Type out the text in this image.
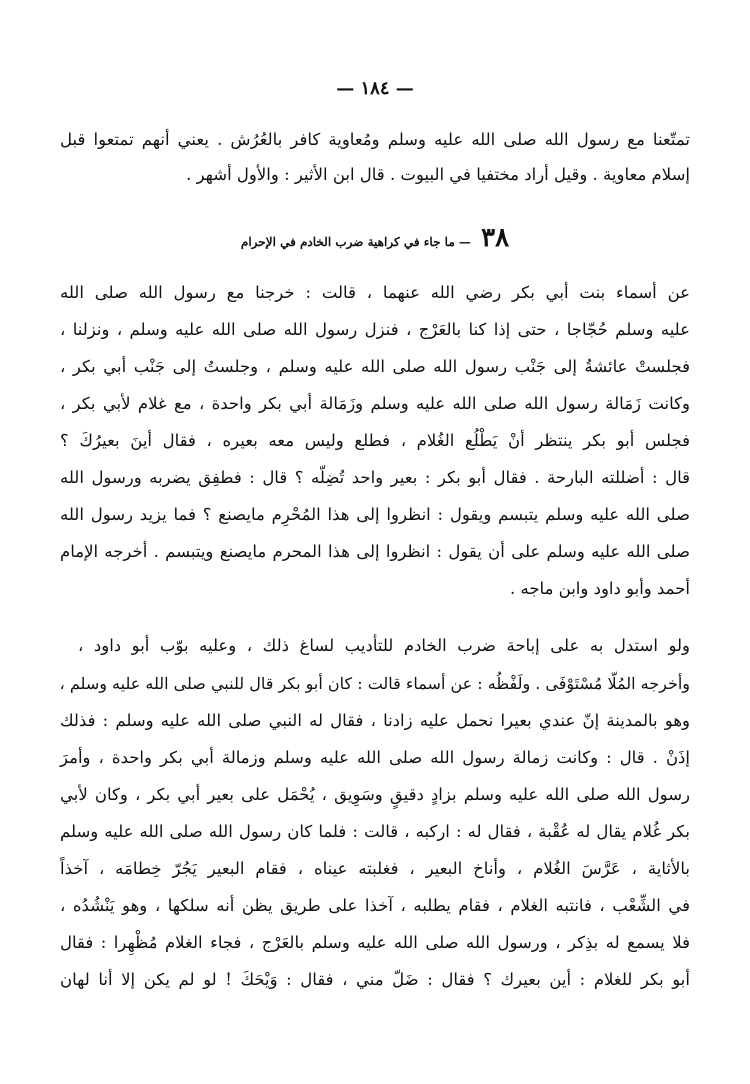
— ١٨٤ —
تمتّعنا مع رسول الله صلى الله عليه وسلم ومُعاوية كافر بالعُرُش . يعني أنهم تمتعوا قبل
إسلام معاوية . وقيل أراد مختفيا في البيوت . قال ابن الأثير : والأول أشهر .
٣٨ — ما جاء في كراهية ضرب الخادم في الإحرام
عن أسماء بنت أبي بكر رضي الله عنهما ، قالت : خرجنا مع رسول الله صلى الله
عليه وسلم حُجّاجا ، حتى إذا كنا بالعَرْج ، فنزل رسول الله صلى الله عليه وسلم ، ونزلنا ،
فجلستْ عائشةُ إلى جَنْب رسول الله صلى الله عليه وسلم ، وجلستُ إلى جَنْب أبي بكر ،
وكانت زَمَالة رسول الله صلى الله عليه وسلم وزَمَالة أبي بكر واحدة ، مع غلام لأبي بكر ،
فجلس أبو بكر ينتظر أنْ يَطْلُع الغُلام ، فطلع وليس معه بعيره ، فقال أينَ بعيرُكَ ؟
قال : أضللته البارحة . فقال أبو بكر : بعير واحد تُضِلّه ؟ قال : فطفِق يضربه ورسول الله
صلى الله عليه وسلم يتبسم ويقول : انظروا إلى هذا المُحْرِم مايصنع ؟ فما يزيد رسول الله
صلى الله عليه وسلم على أن يقول : انظروا إلى هذا المحرم مايصنع ويتبسم . أخرجه الإمام
أحمد وأبو داود وابن ماجه .
ولو استدل به على إباحة ضرب الخادم للتأديب لساغ ذلك ، وعليه بوّب أبو داود ،
وأخرجه المُلّا مُسْتَوْفَى . ولَفْظُه : عن أسماء قالت : كان أبو بكر قال للنبي صلى الله عليه وسلم ،
وهو بالمدينة إنّ عندي بعيرا نحمل عليه زادنا ، فقال له النبي صلى الله عليه وسلم : فذلك
إذَنْ . قال : وكانت زمالة رسول الله صلى الله عليه وسلم وزمالة أبي بكر واحدة ، وأمرَ
رسول الله صلى الله عليه وسلم بزادٍ دقيقٍ وسَوِيق ، يُحْمَل على بعير أبي بكر ، وكان لأبي
بكر غُلام يقال له عُقْبة ، فقال له : اركبه ، قالت : فلما كان رسول الله صلى الله عليه وسلم
بالأثاية ، عَرَّسَ الغُلام ، وأناخ البعير ، فغلبته عيناه ، فقام البعير يَجُرّ خِطامَه ، آخذاً
في الشِّعْب ، فانتبه الغلام ، فقام يطلبه ، آخذا على طريق يظن أنه سلكها ، وهو يَنْشُدُه ،
فلا يسمع له بذِكر ، ورسول الله صلى الله عليه وسلم بالعَرْج ، فجاء الغلام مُظْهِرا : فقال
أبو بكر للغلام : أين بعيرك ؟ فقال : ضَلّ مني ، فقال : وَيْحَكَ ! لو لم يكن إلا أنا لهان
